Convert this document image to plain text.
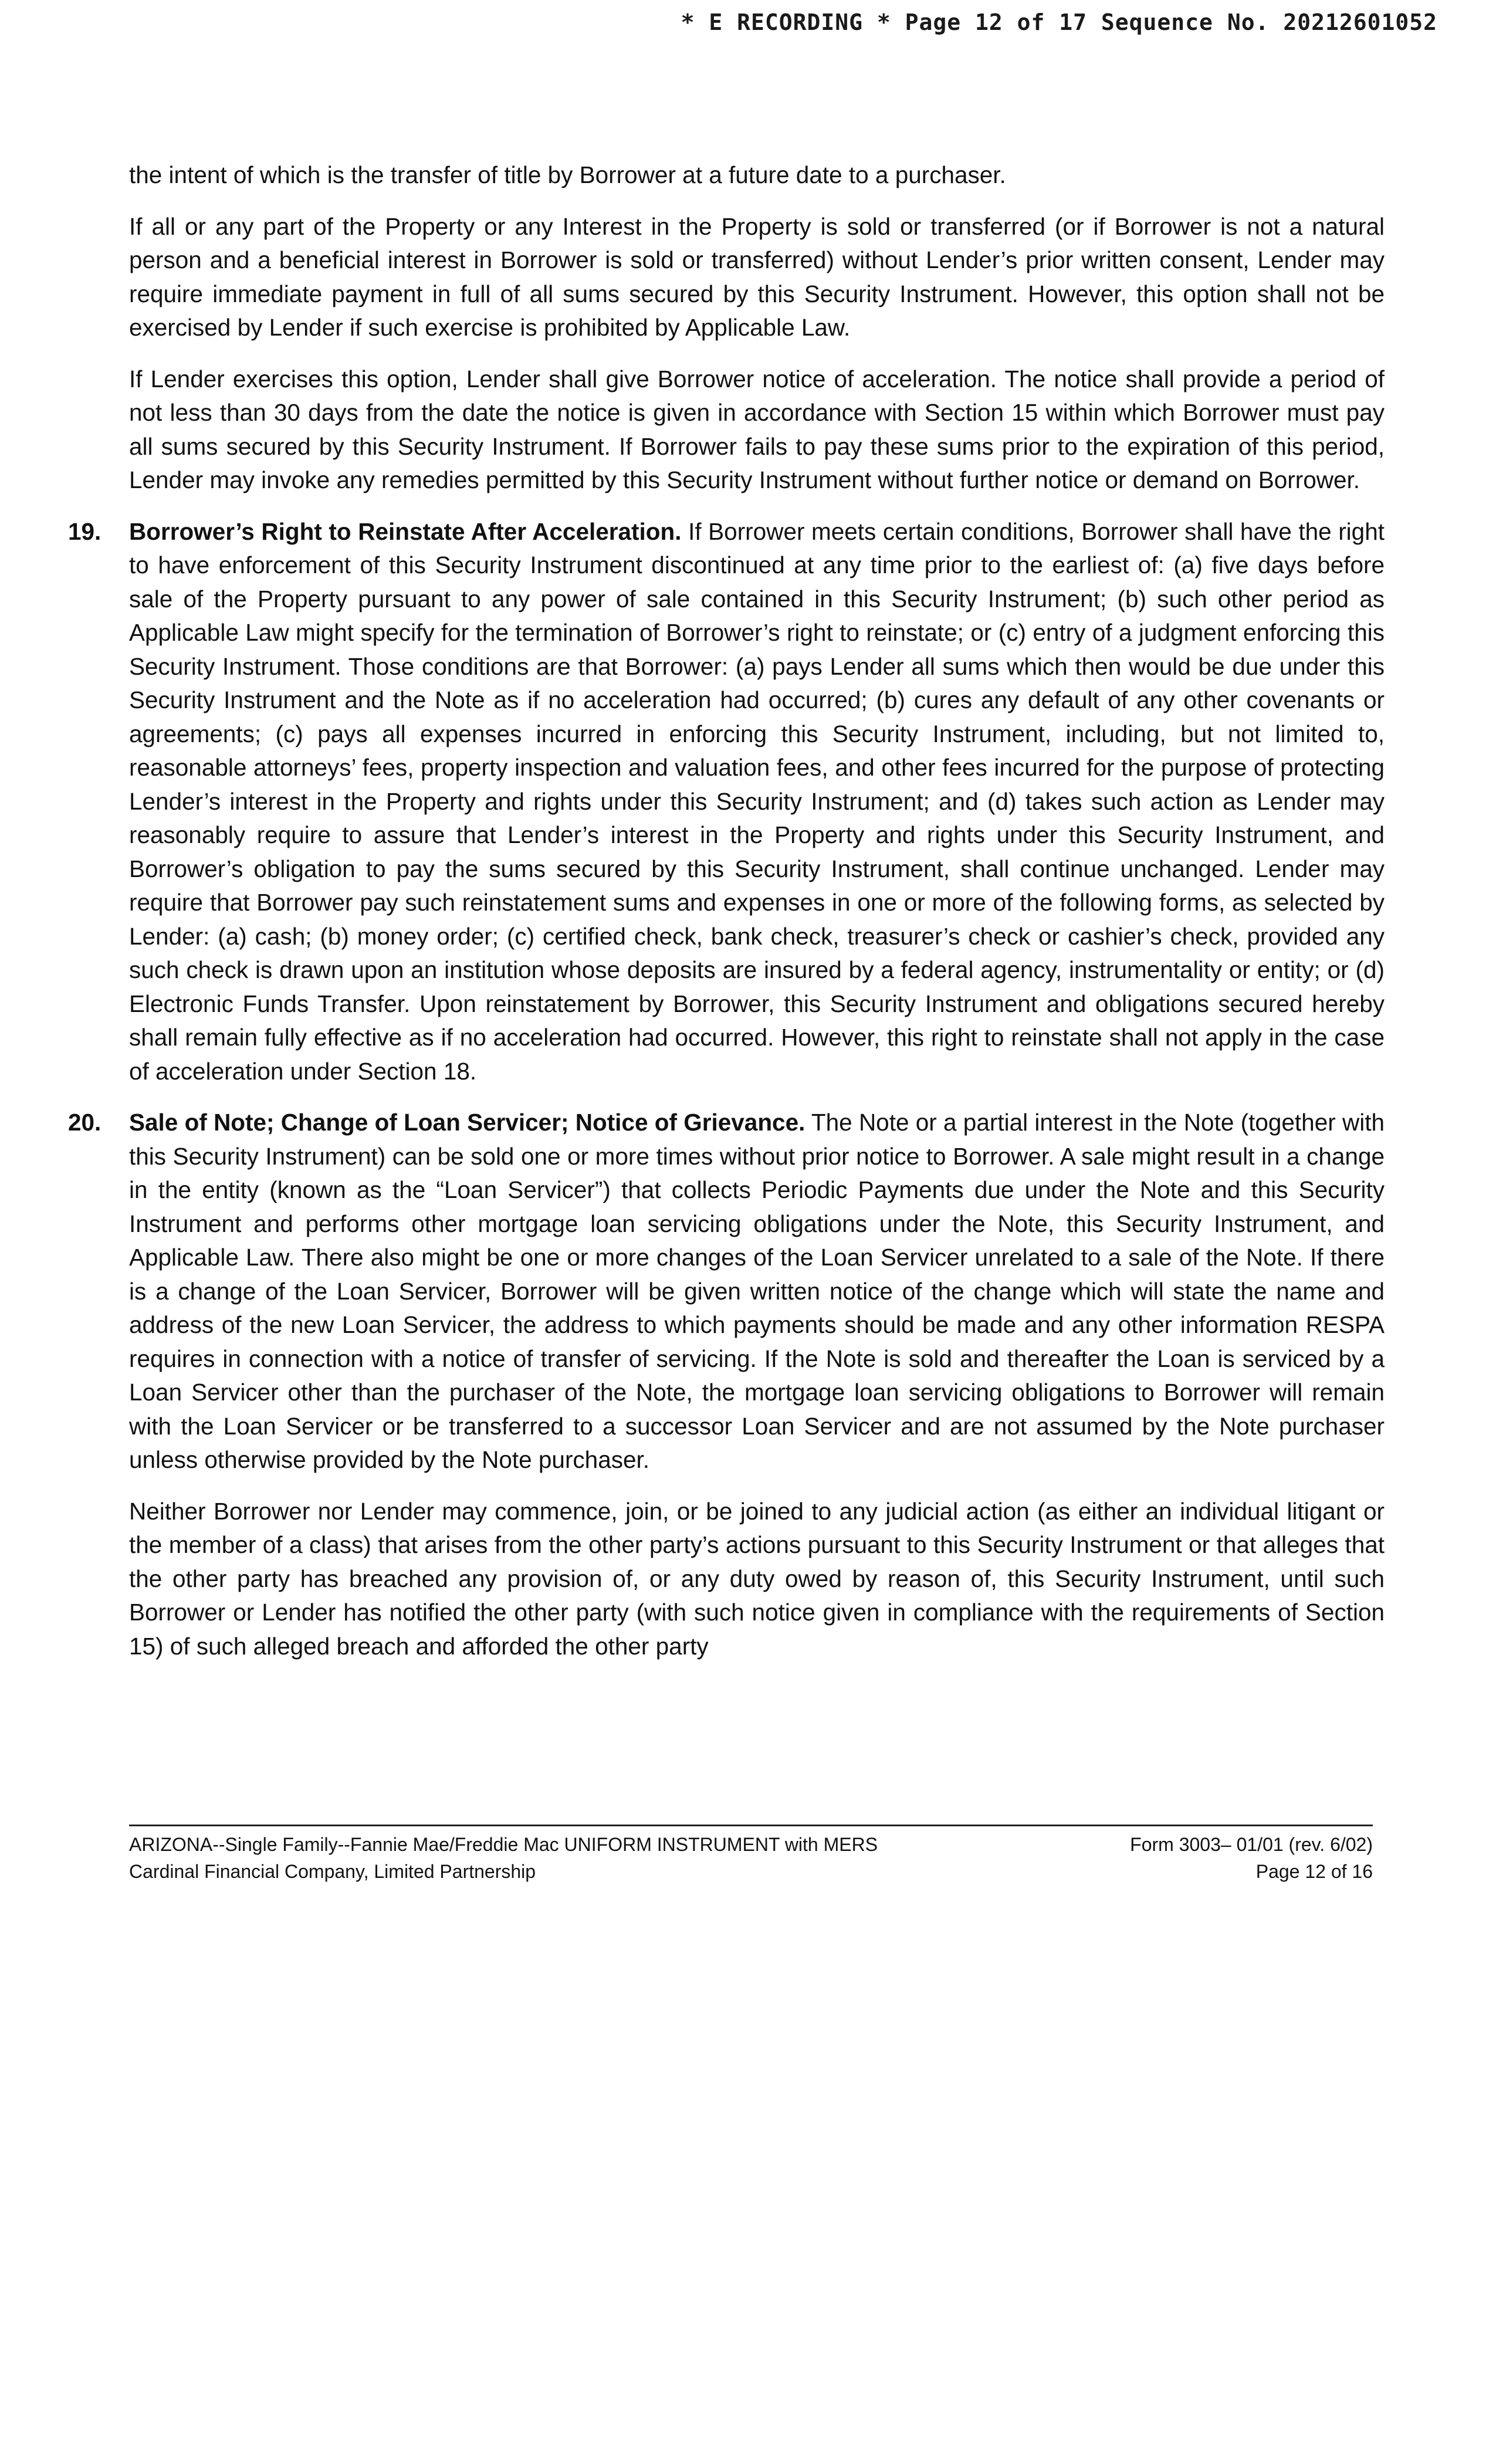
* E RECORDING * Page 12 of 17 Sequence No. 20212601052

the intent of which is the transfer of title by Borrower at a future date to a purchaser.

If all or any part of the Property or any Interest in the Property is sold or transferred (or if Borrower is not a natural person and a beneficial interest in Borrower is sold or transferred) without Lender’s prior written consent, Lender may require immediate payment in full of all sums secured by this Security Instrument. However, this option shall not be exercised by Lender if such exercise is prohibited by Applicable Law.

If Lender exercises this option, Lender shall give Borrower notice of acceleration. The notice shall provide a period of not less than 30 days from the date the notice is given in accordance with Section 15 within which Borrower must pay all sums secured by this Security Instrument. If Borrower fails to pay these sums prior to the expiration of this period, Lender may invoke any remedies permitted by this Security Instrument without further notice or demand on Borrower.

19. Borrower’s Right to Reinstate After Acceleration. If Borrower meets certain conditions, Borrower shall have the right to have enforcement of this Security Instrument discontinued at any time prior to the earliest of: (a) five days before sale of the Property pursuant to any power of sale contained in this Security Instrument; (b) such other period as Applicable Law might specify for the termination of Borrower’s right to reinstate; or (c) entry of a judgment enforcing this Security Instrument. Those conditions are that Borrower: (a) pays Lender all sums which then would be due under this Security Instrument and the Note as if no acceleration had occurred; (b) cures any default of any other covenants or agreements; (c) pays all expenses incurred in enforcing this Security Instrument, including, but not limited to, reasonable attorneys’ fees, property inspection and valuation fees, and other fees incurred for the purpose of protecting Lender’s interest in the Property and rights under this Security Instrument; and (d) takes such action as Lender may reasonably require to assure that Lender’s interest in the Property and rights under this Security Instrument, and Borrower’s obligation to pay the sums secured by this Security Instrument, shall continue unchanged. Lender may require that Borrower pay such reinstatement sums and expenses in one or more of the following forms, as selected by Lender: (a) cash; (b) money order; (c) certified check, bank check, treasurer’s check or cashier’s check, provided any such check is drawn upon an institution whose deposits are insured by a federal agency, instrumentality or entity; or (d) Electronic Funds Transfer. Upon reinstatement by Borrower, this Security Instrument and obligations secured hereby shall remain fully effective as if no acceleration had occurred. However, this right to reinstate shall not apply in the case of acceleration under Section 18.
20. Sale of Note; Change of Loan Servicer; Notice of Grievance. The Note or a partial interest in the Note (together with this Security Instrument) can be sold one or more times without prior notice to Borrower. A sale might result in a change in the entity (known as the “Loan Servicer”) that collects Periodic Payments due under the Note and this Security Instrument and performs other mortgage loan servicing obligations under the Note, this Security Instrument, and Applicable Law. There also might be one or more changes of the Loan Servicer unrelated to a sale of the Note. If there is a change of the Loan Servicer, Borrower will be given written notice of the change which will state the name and address of the new Loan Servicer, the address to which payments should be made and any other information RESPA requires in connection with a notice of transfer of servicing. If the Note is sold and thereafter the Loan is serviced by a Loan Servicer other than the purchaser of the Note, the mortgage loan servicing obligations to Borrower will remain with the Loan Servicer or be transferred to a successor Loan Servicer and are not assumed by the Note purchaser unless otherwise provided by the Note purchaser.

Neither Borrower nor Lender may commence, join, or be joined to any judicial action (as either an individual litigant or the member of a class) that arises from the other party’s actions pursuant to this Security Instrument or that alleges that the other party has breached any provision of, or any duty owed by reason of, this Security Instrument, until such Borrower or Lender has notified the other party (with such notice given in compliance with the requirements of Section 15) of such alleged breach and afforded the other party

ARIZONA--Single Family--Fannie Mae/Freddie Mac UNIFORM INSTRUMENT with MERS	Form 3003– 01/01 (rev. 6/02)
Cardinal Financial Company, Limited Partnership	Page 12 of 16
